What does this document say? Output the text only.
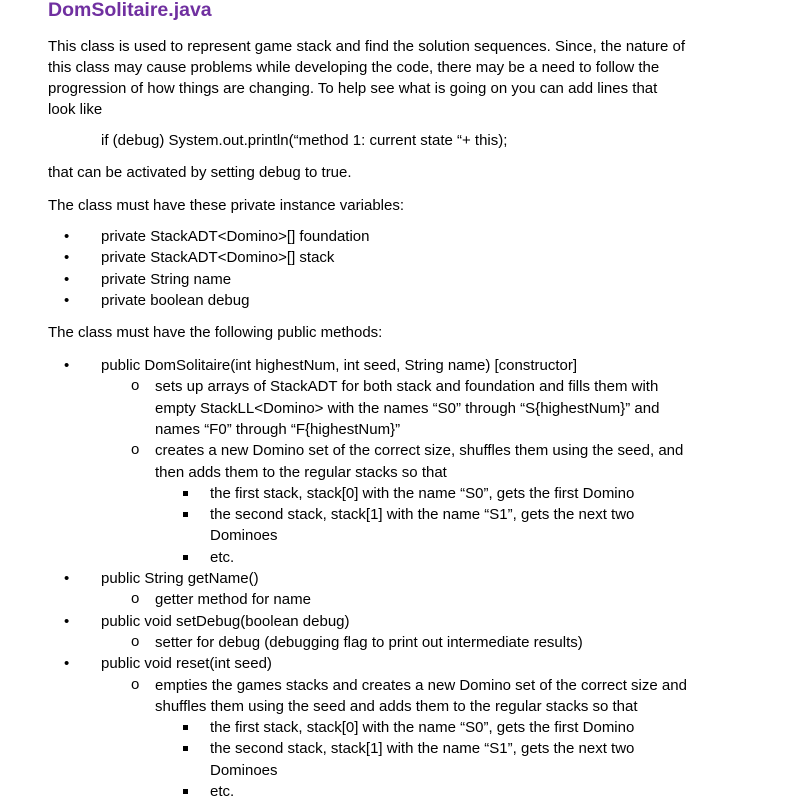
DomSolitaire.java
This class is used to represent game stack and find the solution sequences. Since, the nature of
this class may cause problems while developing the code, there may be a need to follow the
progression of how things are changing. To help see what is going on you can add lines that
look like
if (debug) System.out.println(“method 1: current state “+ this);
that can be activated by setting debug to true.
The class must have these private instance variables:
• private StackADT<Domino>[] foundation
• private StackADT<Domino>[] stack
• private String name
• private boolean debug
The class must have the following public methods:
• public DomSolitaire(int highestNum, int seed, String name) [constructor]
o sets up arrays of StackADT for both stack and foundation and fills them with
empty StackLL<Domino> with the names “S0” through “S{highestNum}” and
names “F0” through “F{highestNum}”
o creates a new Domino set of the correct size, shuffles them using the seed, and
then adds them to the regular stacks so that
the first stack, stack[0] with the name “S0”, gets the first Domino
the second stack, stack[1] with the name “S1”, gets the next two
Dominoes
etc.
• public String getName()
o getter method for name
• public void setDebug(boolean debug)
o setter for debug (debugging flag to print out intermediate results)
• public void reset(int seed)
o empties the games stacks and creates a new Domino set of the correct size and
shuffles them using the seed and adds them to the regular stacks so that
the first stack, stack[0] with the name “S0”, gets the first Domino
the second stack, stack[1] with the name “S1”, gets the next two
Dominoes
etc.
